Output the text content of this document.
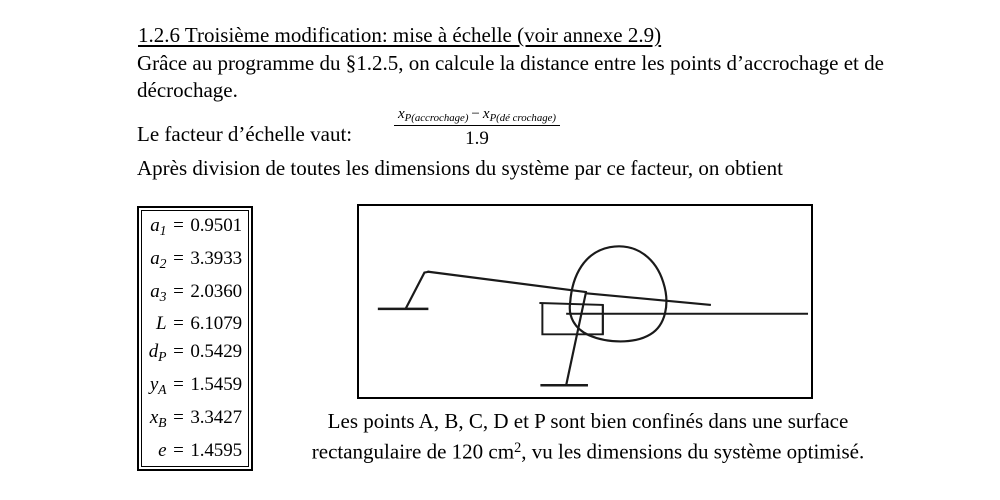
1.2.6 Troisième modification: mise à échelle (voir annexe 2.9)
Grâce au programme du §1.2.5, on calcule la distance entre les points d’accrochage et de décrochage.
Le facteur d’échelle vaut:
$x_{P(accrochage)} - x_{P(dé crochage)}$
1.9
Après division de toutes les dimensions du système par ce facteur, on obtient
$a_1 = 0.9501$
$a_2 = 3.3933$
$a_3 = 2.0360$
L = 6.1079
$d_P = 0.5429$
$y_A = 1.5459$
$x_B = 3.3427$
e = 1.4595
Les points A, B, C, D et P sont bien confinés dans une surface
rectangulaire de 120 $cm^2$, vu les dimensions du système optimisé.
